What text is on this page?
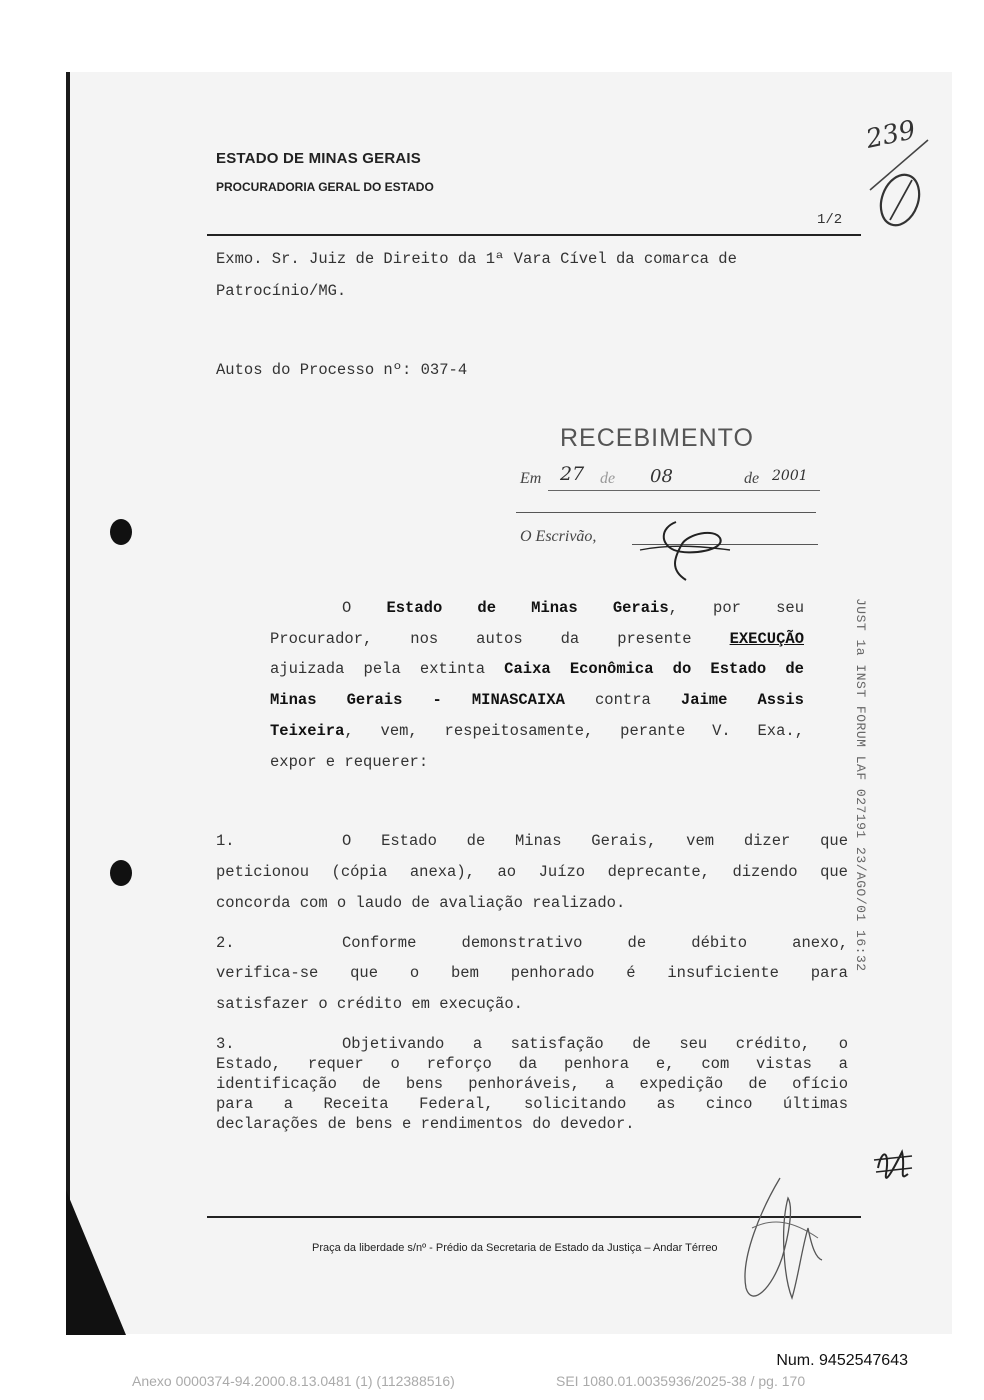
ESTADO DE MINAS GERAIS
PROCURADORIA GERAL DO ESTADO
1/2
239
Exmo. Sr. Juiz de Direito da 1ª Vara Cível da comarca de
Patrocínio/MG.
Autos do Processo nº: 037-4
RECEBIMENTO
Em 27 de 08	de 2001
O Escrivão,
JUST 1a INST FORUM LAF 027191 23/AGO/01 16:32
O Estado de Minas Gerais, por seu
Procurador, nos autos da presente EXECUÇÃO
ajuizada pela extinta Caixa Econômica do Estado de
Minas Gerais - MINASCAIXA contra Jaime Assis
Teixeira, vem, respeitosamente, perante V. Exa.,
expor e requerer:
1.	O Estado de Minas Gerais, vem dizer que
peticionou (cópia anexa), ao Juízo deprecante, dizendo que
concorda com o laudo de avaliação realizado.
2.	Conforme demonstrativo de débito anexo,
verifica-se que o bem penhorado é insuficiente para
satisfazer o crédito em execução.
3.	Objetivando a satisfação de seu crédito, o
Estado, requer o reforço da penhora e, com vistas a
identificação de bens penhoráveis, a expedição de ofício
para a Receita Federal, solicitando as cinco últimas
declarações de bens e rendimentos do devedor.
Praça da liberdade s/nº - Prédio da Secretaria de Estado da Justiça – Andar Térreo
Num. 9452547643
Anexo 0000374-94.2000.8.13.0481 (1) (112388516)	SEI 1080.01.0035936/2025-38 / pg. 170
